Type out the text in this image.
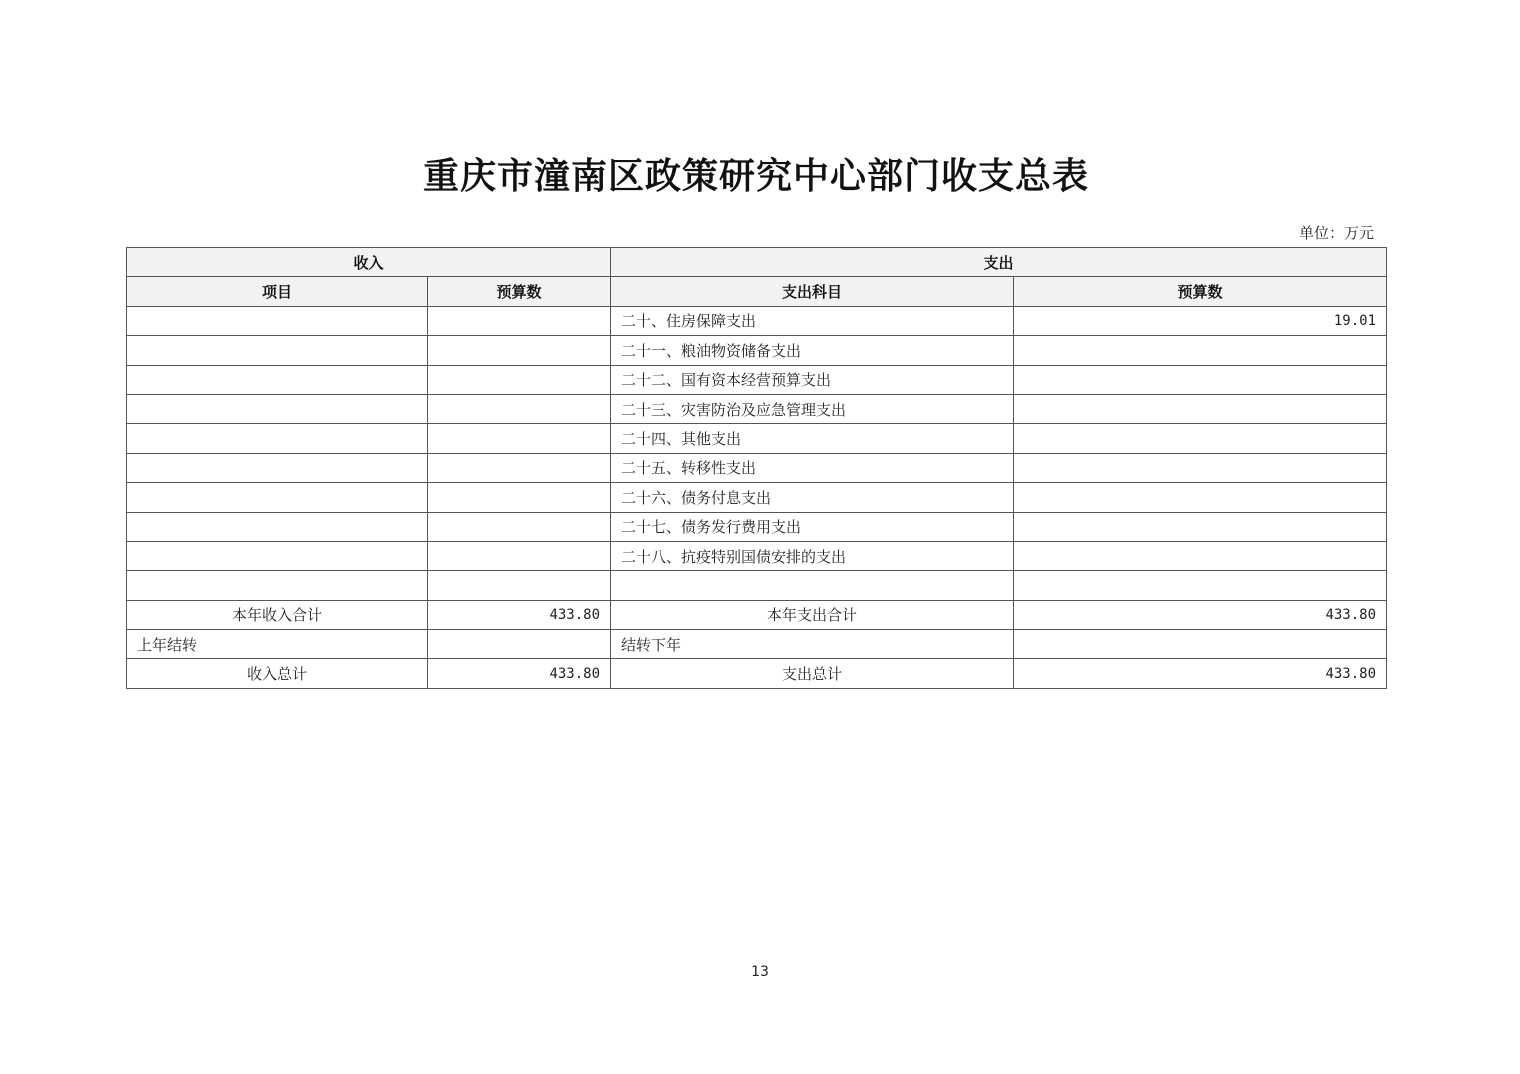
重庆市潼南区政策研究中心部门收支总表
单位：万元
收入		支出	
项目	预算数	支出科目	预算数
		二十、住房保障支出	19.01
		二十一、粮油物资储备支出	
		二十二、国有资本经营预算支出	
		二十三、灾害防治及应急管理支出	
		二十四、其他支出	
		二十五、转移性支出	
		二十六、债务付息支出	
		二十七、债务发行费用支出	
		二十八、抗疫特别国债安排的支出	

本年收入合计	433.80	本年支出合计	433.80
上年结转		结转下年	
收入总计	433.80	支出总计	433.80
13
